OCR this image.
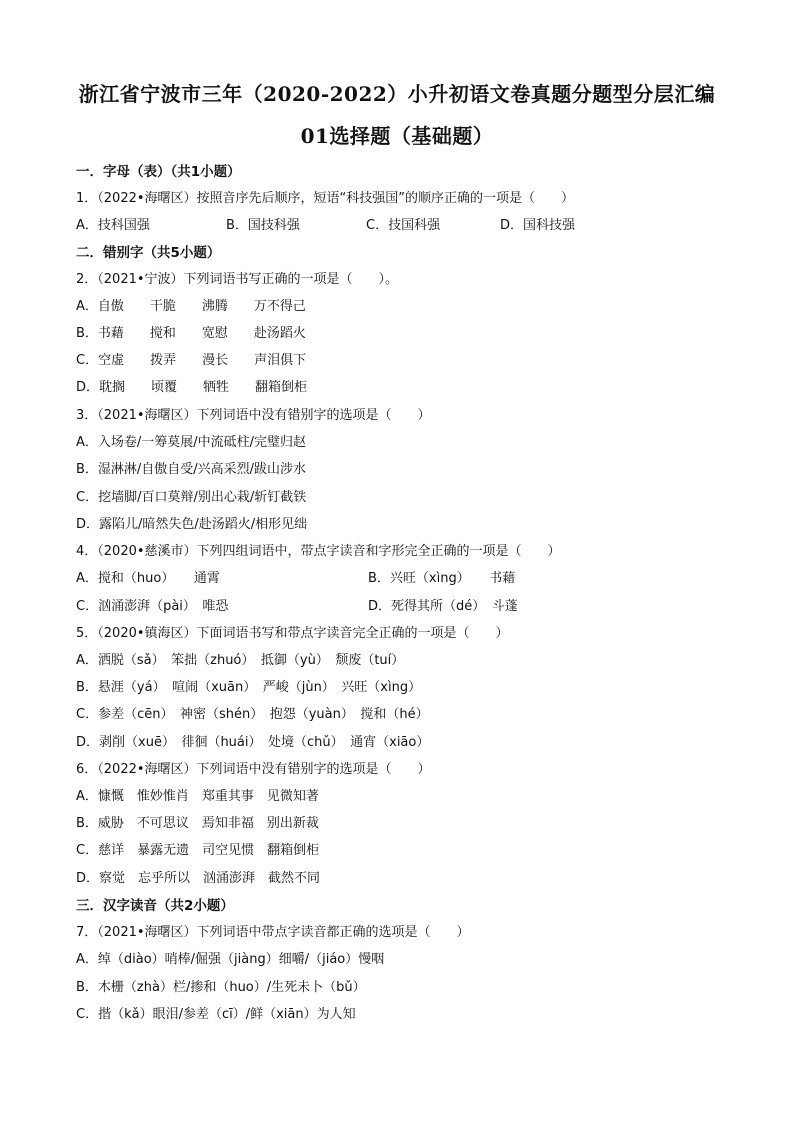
浙江省宁波市三年（2020-2022）小升初语文卷真题分题型分层汇编
01选择题（基础题）
一．字母（表）（共1小题）
1．（2022•海曙区）按照音序先后顺序，短语“科技强国”的顺序正确的一项是（　　）
A．技科国强	B．国技科强	C．技国科强	D．国科技强
二．错别字（共5小题）
2．（2021•宁波）下列词语书写正确的一项是（　　）。
A．自傲　　干脆　　沸腾　　万不得己
B．书藉　　搅和　　宽慰　　赴汤蹈火
C．空虚　　拨弄　　漫长　　声泪俱下
D．耽搁　　顷覆　　牺牲　　翻箱倒柜
3．（2021•海曙区）下列词语中没有错别字的选项是（　　）
A．入场卷/一筹莫展/中流砥柱/完璧归赵
B．湿淋淋/自傲自受/兴高采烈/跋山涉水
C．挖墙脚/百口莫辩/别出心栽/斩钉截铁
D．露陷儿/暗然失色/赴汤蹈火/相形见绌
4．（2020•慈溪市）下列四组词语中，带点字读音和字形完全正确的一项是（　　）
A．搅和（huo）　　通霄	B．兴旺（xìng）　　书藉
C．汹涌澎湃（pài）　唯恐	D．死得其所（dé）　斗蓬
5．（2020•镇海区）下面词语书写和带点字读音完全正确的一项是（　　）
A．洒脱（sǎ）　笨拙（zhuó）　抵御（yù）　颓废（tuí）
B．悬涯（yá）　喧闹（xuān）　严峻（jùn）　兴旺（xìng）
C．参差（cēn）　神密（shén）　抱怨（yuàn）　搅和（hé）
D．剥削（xuē）　徘徊（huái）　处境（chǔ）　通宵（xiāo）
6．（2022•海曙区）下列词语中没有错别字的选项是（　　）
A．慷慨　惟妙惟肖　郑重其事　见微知著
B．威胁　不可思议　焉知非福　别出新裁
C．慈详　暴露无遗　司空见惯　翻箱倒柜
D．察觉　忘乎所以　汹涌澎湃　截然不同
三．汉字读音（共2小题）
7．（2021•海曙区）下列词语中带点字读音都正确的选项是（　　）
A．绰（diào）哨棒/倔强（jiàng）细嚼/（jiáo）慢咽
B．木栅（zhà）栏/掺和（huo）/生死未卜（bǔ）
C．揩（kǎ）眼泪/参差（cī）/鲜（xiān）为人知
